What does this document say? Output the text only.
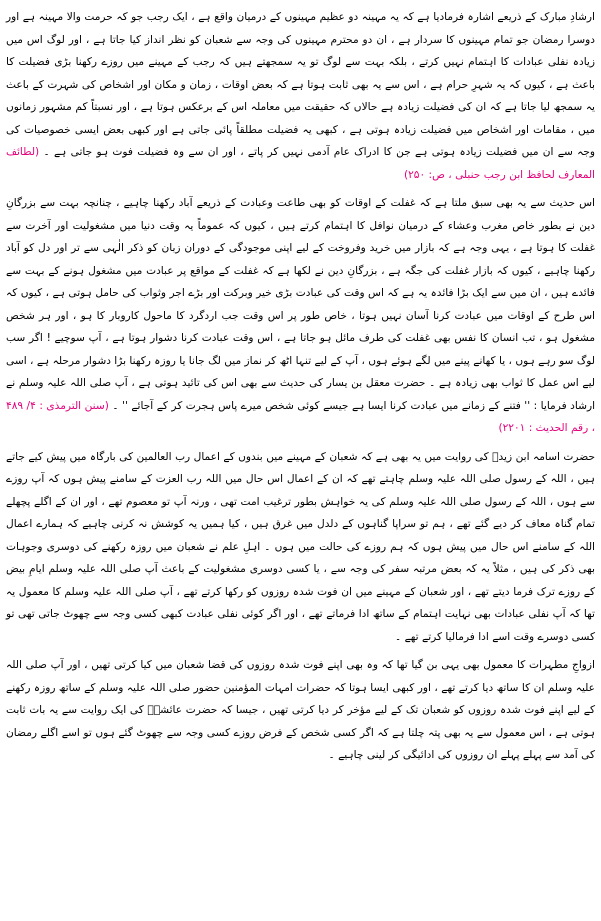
ارشادِ مبارک کے ذریعے اشارہ فرمادیا ہے کہ یہ مہینہ دو عظیم مہینوں کے درمیان واقع ہے ، ایک رجب جو کہ حرمت والا مہینہ ہے اور دوسرا رمضان جو تمام مہینوں کا سردار ہے ، ان دو محترم مہینوں کی وجہ سے شعبان کو نظر انداز کیا جاتا ہے ، اور لوگ اس میں زیادہ نفلی عبادات کا اہتمام نہیں کرتے ، بلکہ بہت سے لوگ تو یہ سمجھتے ہیں کہ رجب کے مہینے میں روزے رکھنا بڑی فضیلت کا باعث ہے ، کیوں کہ یہ شہرِ حرام ہے ، اس سے یہ بھی ثابت ہوتا ہے کہ بعض اوقات ، زمان و مکان اور اشخاص کی شہرت کے باعث یہ سمجھ لیا جاتا ہے کہ ان کی فضیلت زیادہ ہے حالاں کہ حقیقت میں معاملہ اس کے برعکس ہوتا ہے ، اور نسبتاً کم مشہور زمانوں میں ، مقامات اور اشخاص میں فضیلت زیادہ ہوتی ہے ، کبھی یہ فضیلت مطلقاً پائی جاتی ہے اور کبھی بعض ایسی خصوصیات کی وجہ سے ان میں فضیلت زیادہ ہوتی ہے جن کا ادراک عام آدمی نہیں کر پاتے ، اور ان سے وہ فضیلت فوت ہو جاتی ہے ۔ (لطائف المعارف لحافظ ابن رجب حنبلی ، ص: ۲۵۰)

اس حدیث سے یہ بھی سبق ملتا ہے کہ غفلت کے اوقات کو بھی طاعت وعبادت کے ذریعے آباد رکھنا چاہیے ، چنانچہ بہت سے بزرگانِ دین نے بطور خاص مغرب وعشاء کے درمیان نوافل کا اہتمام کرتے ہیں ، کیوں کہ عموماً یہ وقت دنیا میں مشغولیت اور آخرت سے غفلت کا ہوتا ہے ، یہی وجہ ہے کہ بازار میں خرید وفروخت کے لیے اپنی موجودگی کے دوران زبان کو ذکر الٰہی سے تر اور دل کو آباد رکھنا چاہیے ، کیوں کہ بازار غفلت کی جگہ ہے ، بزرگانِ دین نے لکھا ہے کہ غفلت کے مواقع پر عبادت میں مشغول ہونے کے بہت سے فائدے ہیں ، ان میں سے ایک بڑا فائدہ یہ ہے کہ اس وقت کی عبادت بڑی خیر وبرکت اور بڑے اجر وثواب کی حامل ہوتی ہے ، کیوں کہ اس طرح کے اوقات میں عبادت کرنا آسان نہیں ہوتا ، خاص طور پر اس وقت جب اردگرد کا ماحول کاروبار کا ہو ، اور ہر شخص مشغول ہو ، تب انسان کا نفس بھی غفلت کی طرف مائل ہو جاتا ہے ، اس وقت عبادت کرنا دشوار ہوتا ہے ، آپ سوچیے ! اگر سب لوگ سو رہے ہوں ، یا کھانے پینے میں لگے ہوئے ہوں ، آپ کے لیے تنہا اٹھ کر نماز میں لگ جانا یا روزہ رکھنا بڑا دشوار مرحلہ ہے ، اسی لیے اس عمل کا ثواب بھی زیادہ ہے ۔ حضرت معقل بن یسار کی حدیث سے بھی اس کی تائید ہوتی ہے ، آپ صلی اللہ علیہ وسلم نے ارشاد فرمایا : '' فتنے کے زمانے میں عبادت کرنا ایسا ہے جیسے کوئی شخص میرے پاس ہجرت کر کے آجائے '' ۔ (سنن الترمذی : ۴/ ۴۸۹ ، رقم الحدیث : ۲۲۰۱)

حضرت اسامہ ابن زیدؓ کی روایت میں یہ بھی ہے کہ شعبان کے مہینے میں بندوں کے اعمال رب العالمین کی بارگاہ میں پیش کیے جاتے ہیں ، اللہ کے رسول صلی اللہ علیہ وسلم چاہتے تھے کہ ان کے اعمال اس حال میں اللہ رب العزت کے سامنے پیش ہوں کہ آپ روزے سے ہوں ، اللہ کے رسول صلی اللہ علیہ وسلم کی یہ خواہش بطور ترغیب امت تھی ، ورنہ آپ تو معصوم تھے ، اور ان کے اگلے پچھلے تمام گناہ معاف کر دیے گئے تھے ، ہم تو سراپا گناہوں کے دلدل میں غرق ہیں ، کیا ہمیں یہ کوشش نہ کرنی چاہیے کہ ہمارے اعمال اللہ کے سامنے اس حال میں پیش ہوں کہ ہم روزے کی حالت میں ہوں ۔ اہلِ علم نے شعبان میں روزہ رکھنے کی دوسری وجوہات بھی ذکر کی ہیں ، مثلاً یہ کہ بعض مرتبہ سفر کی وجہ سے ، یا کسی دوسری مشغولیت کے باعث آپ صلی اللہ علیہ وسلم ایامِ بیض کے روزے ترک فرما دیتے تھے ، اور شعبان کے مہینے میں ان فوت شدہ روزوں کو رکھا کرتے تھے ، آپ صلی اللہ علیہ وسلم کا معمول یہ تھا کہ آپ نفلی عبادات بھی نہایت اہتمام کے ساتھ ادا فرماتے تھے ، اور اگر کوئی نفلی عبادت کبھی کسی وجہ سے چھوٹ جاتی تھی تو کسی دوسرے وقت اسے ادا فرمالیا کرتے تھے ۔

ازواجِ مطہرات کا معمول بھی یہی بن گیا تھا کہ وہ بھی اپنے فوت شدہ روزوں کی قضا شعبان میں کیا کرتی تھیں ، اور آپ صلی اللہ علیہ وسلم ان کا ساتھ دیا کرتے تھے ، اور کبھی ایسا ہوتا کہ حضرات امہات المؤمنین حضور صلی اللہ علیہ وسلم کے ساتھ روزہ رکھنے کے لیے اپنے فوت شدہ روزوں کو شعبان تک کے لیے مؤخر کر دیا کرتی تھیں ، جیسا کہ حضرت عائشہؓ کی ایک روایت سے یہ بات ثابت ہوتی ہے ، اس معمول سے یہ بھی پتہ چلتا ہے کہ اگر کسی شخص کے فرض روزے کسی وجہ سے چھوٹ گئے ہوں تو اسے اگلے رمضان کی آمد سے پہلے پہلے ان روزوں کی ادائیگی کر لینی چاہیے ۔
